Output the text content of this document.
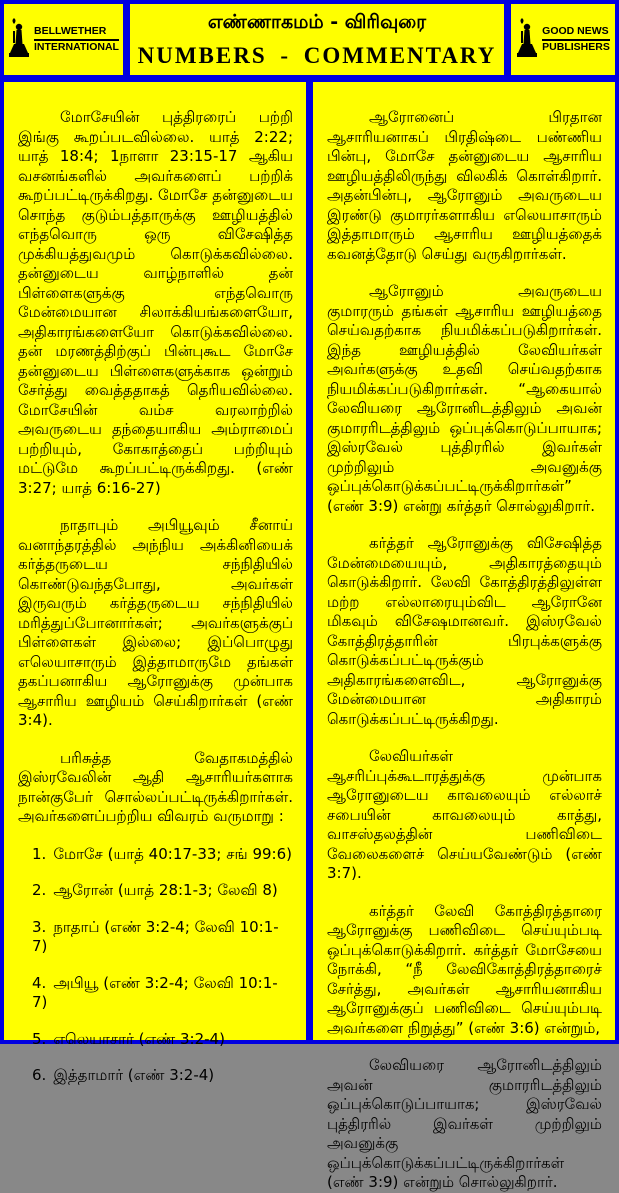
BELLWETHER
INTERNATIONAL
எண்ணாகமம் - விரிவுரை
NUMBERS - COMMENTARY
GOOD NEWS
PUBLISHERS

மோசேயின் புத்திரரைப் பற்றி இங்கு கூறப்படவில்லை. யாத் 2:22; யாத் 18:4; 1நாளா 23:15-17 ஆகிய வசனங்களில் அவர்களைப் பற்றிக் கூறப்பட்டிருக்கிறது. மோசே தன்னுடைய சொந்த குடும்பத்தாருக்கு ஊழியத்தில் எந்தவொரு ஒரு விசேஷித்த முக்கியத்துவமும் கொடுக்கவில்லை. தன்னுடைய வாழ்நாளில் தன் பிள்ளைகளுக்கு எந்தவொரு மேன்மையான சிலாக்கியங்களையோ, அதிகாரங்களையோ கொடுக்கவில்லை. தன் மரணத்திற்குப் பின்புகூட மோசே தன்னுடைய பிள்ளைகளுக்காக ஒன்றும் சேர்த்து வைத்ததாகத் தெரியவில்லை. மோசேயின் வம்ச வரலாற்றில் அவருடைய தந்தையாகிய அம்ராமைப் பற்றியும், கோகாத்தைப் பற்றியும் மட்டுமே கூறப்பட்டிருக்கிறது. (எண் 3:27; யாத் 6:16-27)

நாதாபும் அபியூவும் சீனாய் வனாந்தரத்தில் அந்நிய அக்கினியைக் கர்த்தருடைய சந்நிதியில் கொண்டுவந்தபோது, அவர்கள் இருவரும் கர்த்தருடைய சந்நிதியில் மரித்துப்போனார்கள்; அவர்களுக்குப் பிள்ளைகள் இல்லை; இப்பொழுது எலெயாசாரும் இத்தாமாருமே தங்கள் தகப்பனாகிய ஆரோனுக்கு முன்பாக ஆசாரிய ஊழியம் செய்கிறார்கள் (எண் 3:4).

பரிசுத்த வேதாகமத்தில் இஸ்ரவேலின் ஆதி ஆசாரியர்களாக நான்குபேர் சொல்லப்பட்டிருக்கிறார்கள். அவர்களைப்பற்றிய விவரம் வருமாறு :

1. மோசே (யாத் 40:17-33; சங் 99:6)
2. ஆரோன் (யாத் 28:1-3; லேவி 8)
3. நாதாப் (எண் 3:2-4; லேவி 10:1-7)
4. அபியூ (எண் 3:2-4; லேவி 10:1-7)
5. எலெயாசார் (எண் 3:2-4)
6. இத்தாமார் (எண் 3:2-4)

ஆரோனைப் பிரதான ஆசாரியனாகப் பிரதிஷ்டை பண்ணிய பின்பு, மோசே தன்னுடைய ஆசாரிய ஊழியத்திலிருந்து விலகிக் கொள்கிறார். அதன்பின்பு, ஆரோனும் அவருடைய இரண்டு குமாரர்களாகிய எலெயாசாரும் இத்தாமாரும் ஆசாரிய ஊழியத்தைக் கவனத்தோடு செய்து வருகிறார்கள்.

ஆரோனும் அவருடைய குமாரரும் தங்கள் ஆசாரிய ஊழியத்தை செய்வதற்காக நியமிக்கப்படுகிறார்கள். இந்த ஊழியத்தில் லேவியர்கள் அவர்களுக்கு உதவி செய்வதற்காக நியமிக்கப்படுகிறார்கள். “ஆகையால் லேவியரை ஆரோனிடத்திலும் அவன் குமாரரிடத்திலும் ஒப்புக்கொடுப்பாயாக; இஸ்ரவேல் புத்திரரில் இவர்கள் முற்றிலும் அவனுக்கு ஒப்புக்கொடுக்கப்பட்டிருக்கிறார்கள்” (எண் 3:9) என்று கர்த்தர் சொல்லுகிறார்.

கர்த்தர் ஆரோனுக்கு விசேஷித்த மேன்மையையும், அதிகாரத்தையும் கொடுக்கிறார். லேவி கோத்திரத்திலுள்ள மற்ற எல்லாரையும்விட ஆரோனே மிகவும் விசேஷமானவர். இஸ்ரவேல் கோத்திரத்தாரின் பிரபுக்களுக்கு கொடுக்கப்பட்டிருக்கும் அதிகாரங்களைவிட, ஆரோனுக்கு மேன்மையான அதிகாரம் கொடுக்கப்பட்டிருக்கிறது.

லேவியர்கள் ஆசரிப்புக்கூடாரத்துக்கு முன்பாக ஆரோனுடைய காவலையும் எல்லாச் சபையின் காவலையும் காத்து, வாசஸ்தலத்தின் பணிவிடை வேலைகளைச் செய்யவேண்டும் (எண் 3:7).

கர்த்தர் லேவி கோத்திரத்தாரை ஆரோனுக்கு பணிவிடை செய்யும்படி ஒப்புக்கொடுக்கிறார். கர்த்தர் மோசேயை நோக்கி, “நீ லேவிகோத்திரத்தாரைச் சேர்த்து, அவர்கள் ஆசாரியனாகிய ஆரோனுக்குப் பணிவிடை செய்யும்படி அவர்களை நிறுத்து” (எண் 3:6) என்றும்,

லேவியரை ஆரோனிடத்திலும் அவன் குமாரரிடத்திலும் ஒப்புக்கொடுப்பாயாக; இஸ்ரவேல் புத்திரரில் இவர்கள் முற்றிலும் அவனுக்கு ஒப்புக்கொடுக்கப்பட்டிருக்கிறார்கள் (எண் 3:9) என்றும் சொல்லுகிறார்.
